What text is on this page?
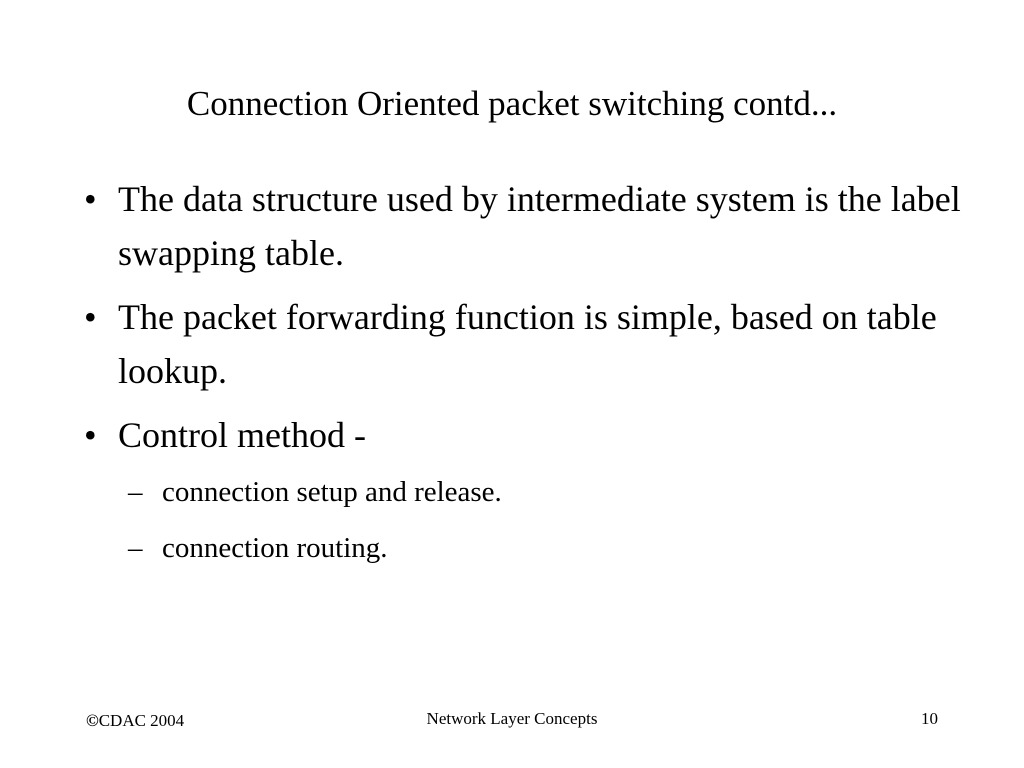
Connection Oriented packet switching contd...
• The data structure used by intermediate system is the label swapping table.
• The packet forwarding function is simple, based on table lookup.
• Control method -
– connection setup and release.
– connection routing.
©CDAC 2004	Network Layer Concepts	10
